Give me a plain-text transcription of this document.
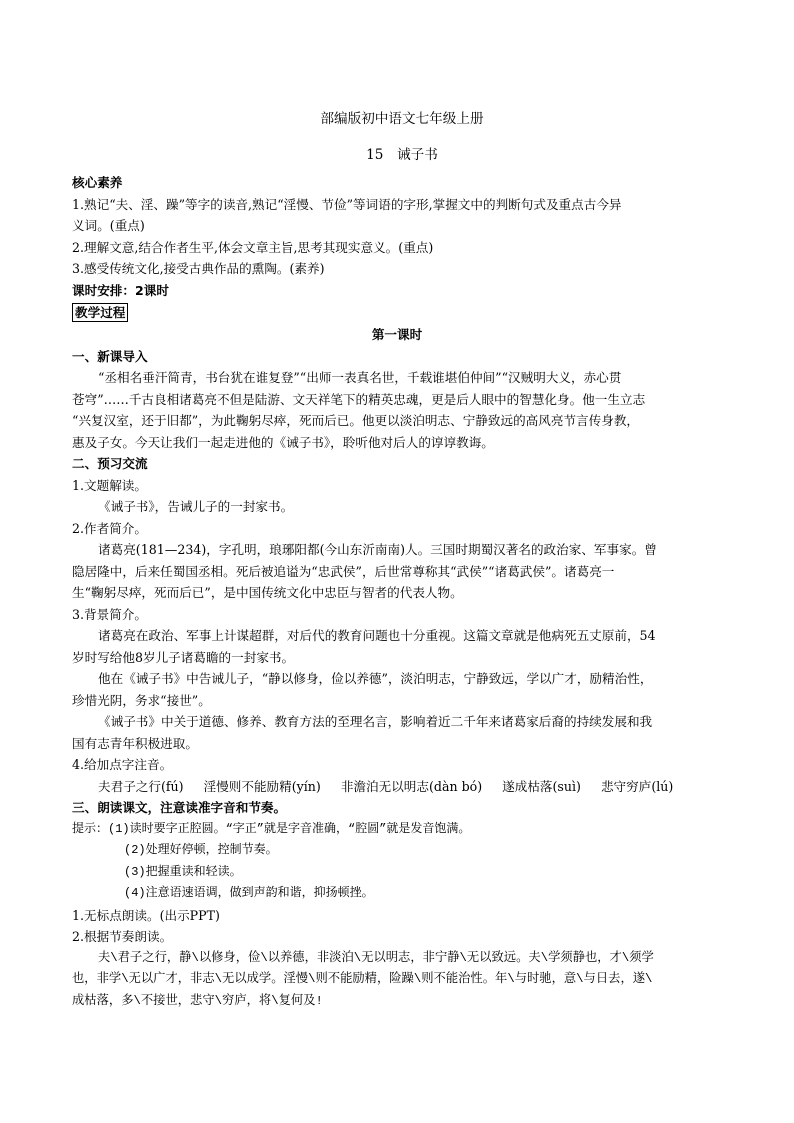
部编版初中语文七年级上册
15　诫子书
核心素养
1.熟记“夫、淫、躁”等字的读音,熟记“淫慢、节俭”等词语的字形,掌握文中的判断句式及重点古今异
义词。(重点)
2.理解文意,结合作者生平,体会文章主旨,思考其现实意义。(重点)
3.感受传统文化,接受古典作品的熏陶。(素养)
课时安排：2课时
教学过程
第一课时
一、新课导入
“丞相名垂汗简青，书台犹在谁复登”“出师一表真名世，千载谁堪伯仲间”“汉贼明大义，赤心贯
苍穹”……千古良相诸葛亮不但是陆游、文天祥笔下的精英忠魂，更是后人眼中的智慧化身。他一生立志
“兴复汉室，还于旧都”，为此鞠躬尽瘁，死而后已。他更以淡泊明志、宁静致远的高风亮节言传身教，
惠及子女。今天让我们一起走进他的《诫子书》，聆听他对后人的谆谆教诲。
二、预习交流
1.文题解读。
《诫子书》，告诫儿子的一封家书。
2.作者简介。
诸葛亮(181—234)，字孔明，琅琊阳都(今山东沂南南)人。三国时期蜀汉著名的政治家、军事家。曾
隐居隆中，后来任蜀国丞相。死后被追谥为“忠武侯”，后世常尊称其“武侯”“诸葛武侯”。诸葛亮一
生“鞠躬尽瘁，死而后已”，是中国传统文化中忠臣与智者的代表人物。
3.背景简介。
诸葛亮在政治、军事上计谋超群，对后代的教育问题也十分重视。这篇文章就是他病死五丈原前，54
岁时写给他8岁儿子诸葛瞻的一封家书。
他在《诫子书》中告诫儿子，“静以修身，俭以养德”，淡泊明志，宁静致远，学以广才，励精治性，
珍惜光阴，务求“接世”。
《诫子书》中关于道德、修养、教育方法的至理名言，影响着近二千年来诸葛家后裔的持续发展和我
国有志青年积极进取。
4.给加点字注音。
夫君子之行(fú) 淫慢则不能励精(yín) 非澹泊无以明志(dàn bó) 遂成枯落(suì) 悲守穷庐(lú)
三、朗读课文，注意读准字音和节奏。
提示：(1)读时要字正腔圆。“字正”就是字音准确，“腔圆”就是发音饱满。
(2)处理好停顿，控制节奏。
(3)把握重读和轻读。
(4)注意语速语调，做到声韵和谐，抑扬顿挫。
1.无标点朗读。(出示PPT)
2.根据节奏朗读。
夫\君子之行，静\以修身，俭\以养德，非淡泊\无以明志，非宁静\无以致远。夫\学须静也，才\须学
也，非学\无以广才，非志\无以成学。淫慢\则不能励精，险躁\则不能治性。年\与时驰，意\与日去，遂\
成枯落，多\不接世，悲守\穷庐，将\复何及!
